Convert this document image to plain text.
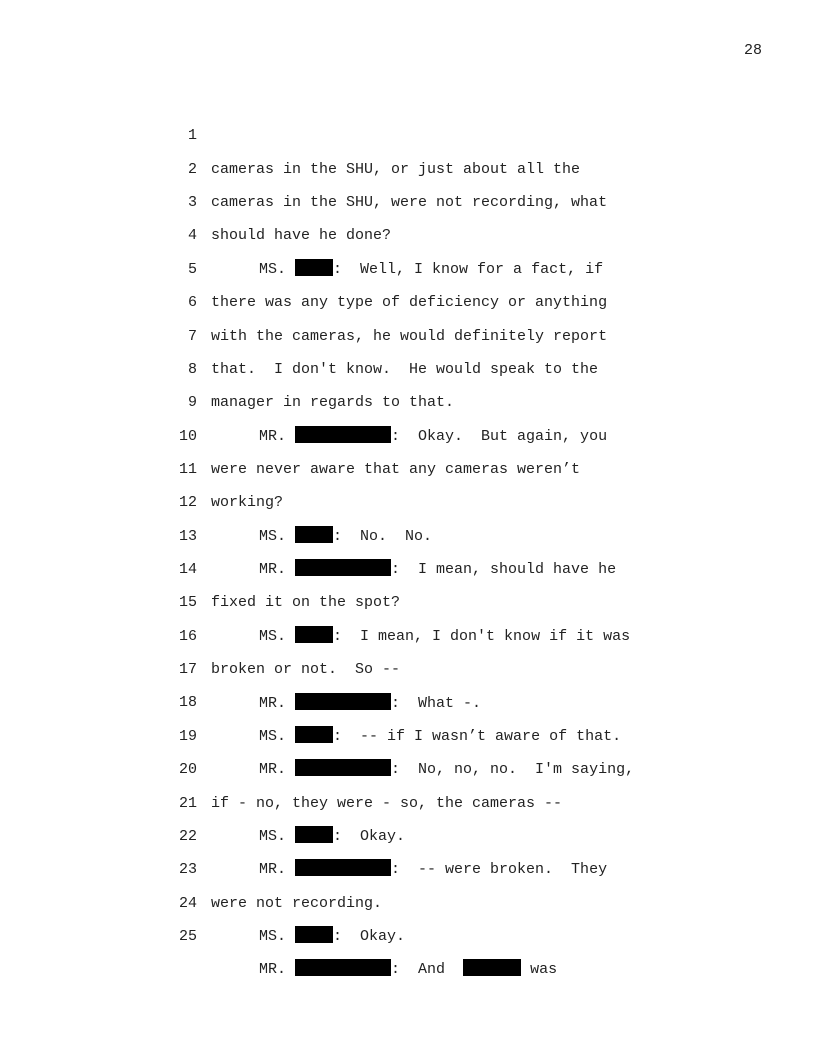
28

1

cameras in the SHU, or just about all the

2

cameras in the SHU, were not recording, what

3

should have he done?

4

MS.	:  Well, I know for a fact, if

5

there was any type of deficiency or anything

6

with the cameras, he would definitely report

7

that.  I don't know.  He would speak to the

8

manager in regards to that.

9

MR.	:  Okay.  But again, you

10

were never aware that any cameras weren’t

11

working?

12

MS.	:  No.  No.

13

MR.	:  I mean, should have he

14

fixed it on the spot?

15

MS.	:  I mean, I don't know if it was

16

broken or not.  So --

17

MR.	:  What -.

18

MS.	:  -- if I wasn’t aware of that.

19

MR.	:  No, no, no.  I'm saying,

20

if - no, they were - so, the cameras --

21

MS.	:  Okay.

22

MR.	:  -- were broken.  They

23

were not recording.

24

MS.	:  Okay.

25

MR.	:  And	was
